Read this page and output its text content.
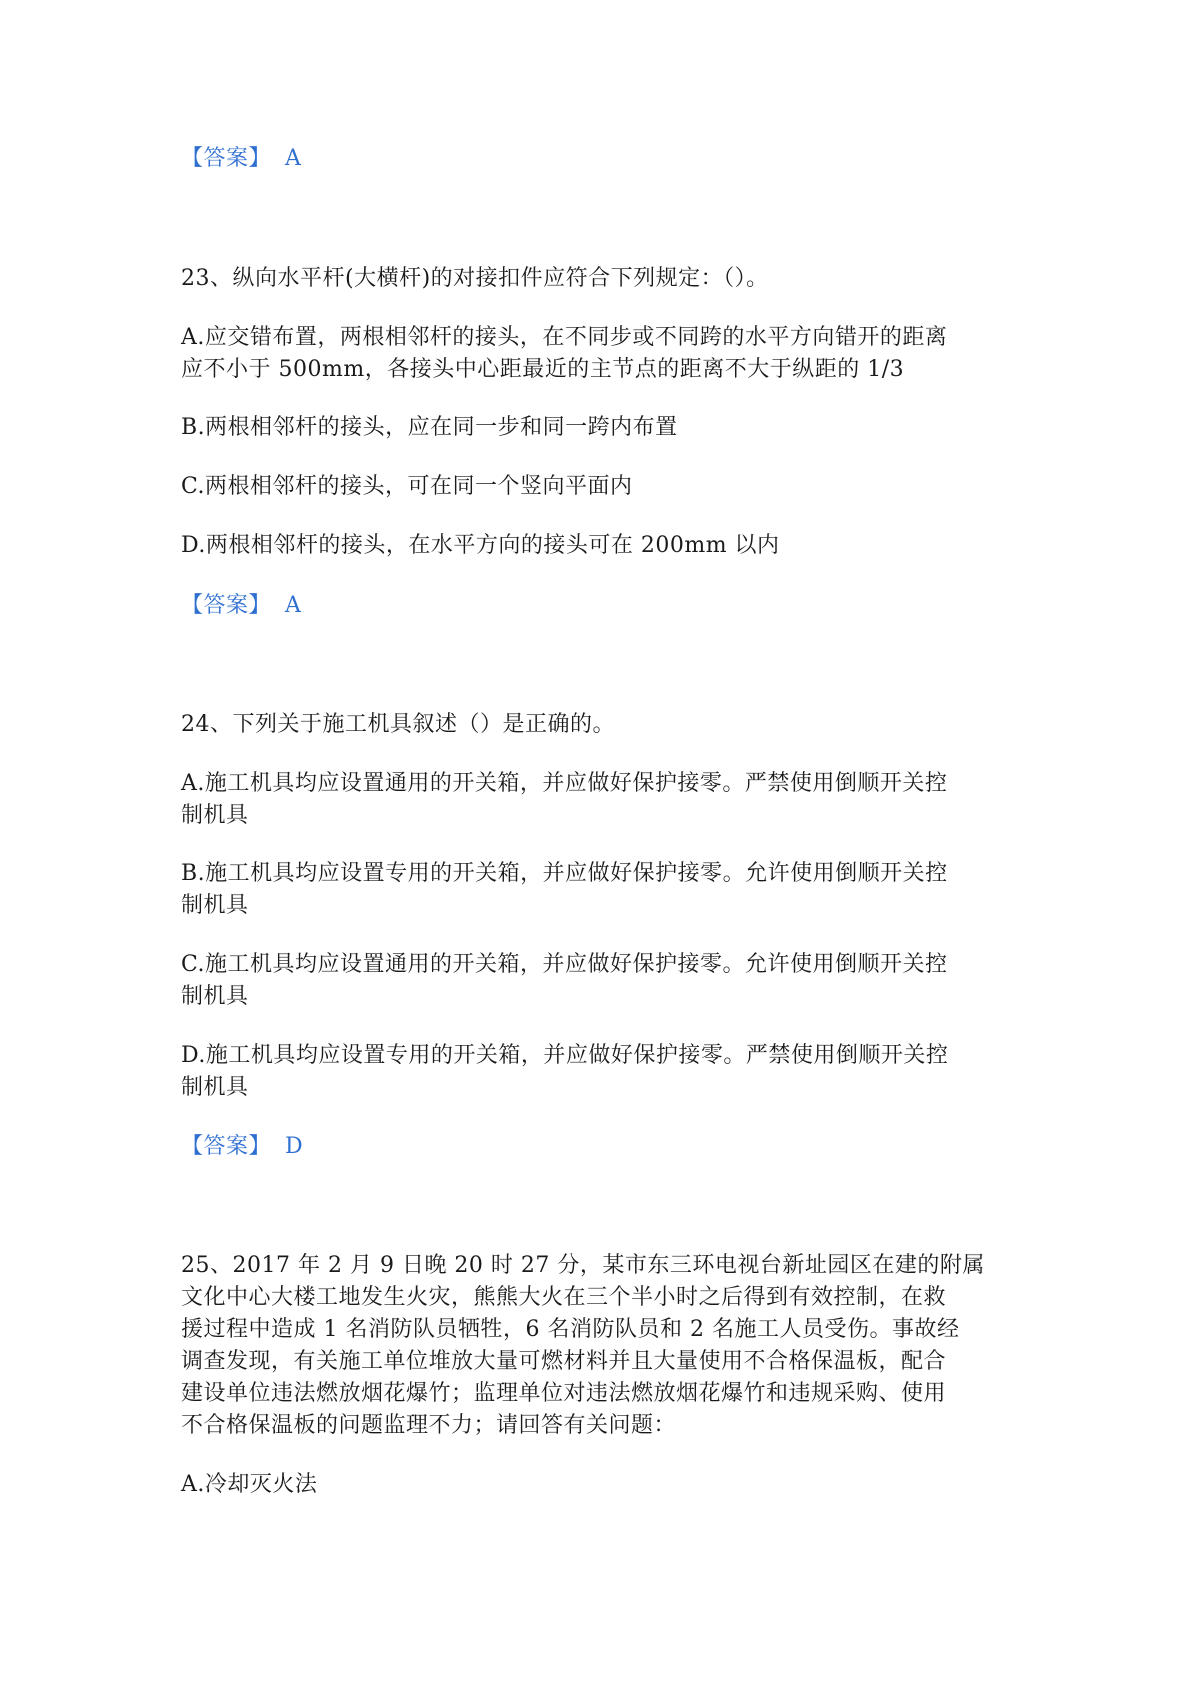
【答案】 A
23、纵向水平杆(大横杆)的对接扣件应符合下列规定：（）。
A.应交错布置，两根相邻杆的接头，在不同步或不同跨的水平方向错开的距离
应不小于 500mm，各接头中心距最近的主节点的距离不大于纵距的 1/3
B.两根相邻杆的接头，应在同一步和同一跨内布置
C.两根相邻杆的接头，可在同一个竖向平面内
D.两根相邻杆的接头，在水平方向的接头可在 200mm 以内
【答案】 A
24、下列关于施工机具叙述（）是正确的。
A.施工机具均应设置通用的开关箱，并应做好保护接零。严禁使用倒顺开关控
制机具
B.施工机具均应设置专用的开关箱，并应做好保护接零。允许使用倒顺开关控
制机具
C.施工机具均应设置通用的开关箱，并应做好保护接零。允许使用倒顺开关控
制机具
D.施工机具均应设置专用的开关箱，并应做好保护接零。严禁使用倒顺开关控
制机具
【答案】 D
25、2017 年 2 月 9 日晚 20 时 27 分，某市东三环电视台新址园区在建的附属
文化中心大楼工地发生火灾，熊熊大火在三个半小时之后得到有效控制，在救
援过程中造成 1 名消防队员牺牲，6 名消防队员和 2 名施工人员受伤。事故经
调查发现，有关施工单位堆放大量可燃材料并且大量使用不合格保温板，配合
建设单位违法燃放烟花爆竹；监理单位对违法燃放烟花爆竹和违规采购、使用
不合格保温板的问题监理不力；请回答有关问题：
A.冷却灭火法
